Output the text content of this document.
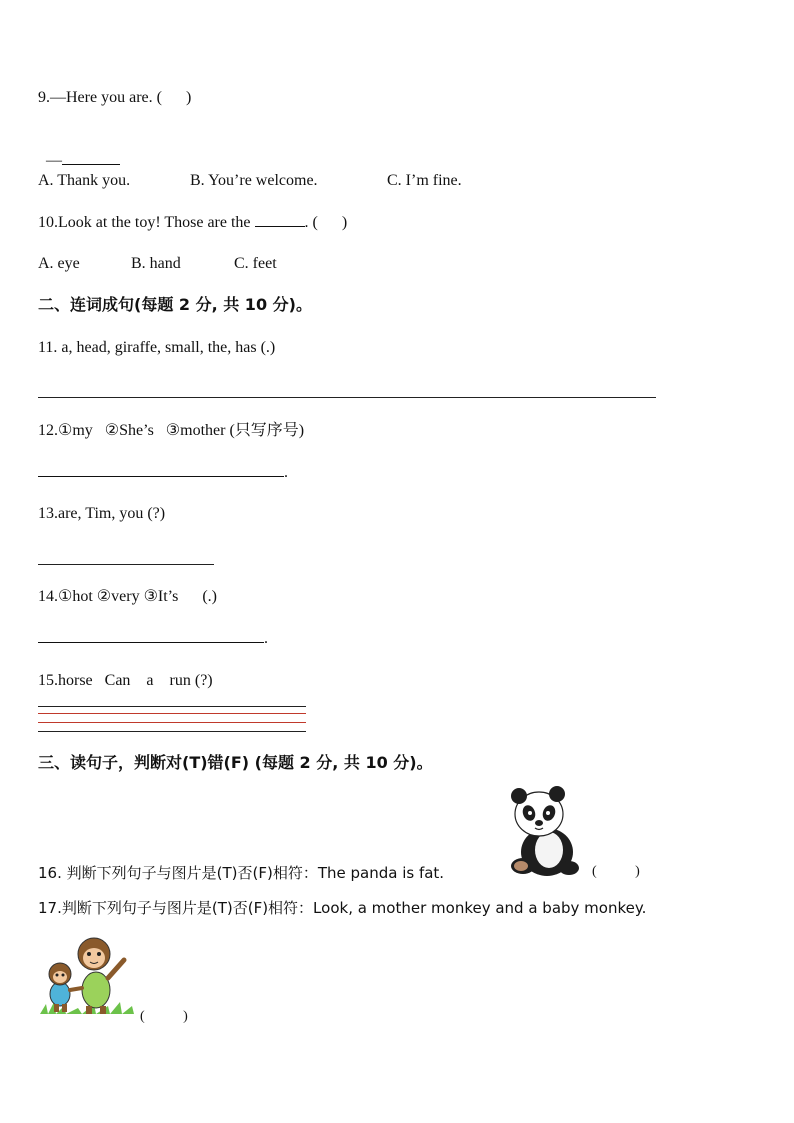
9.—Here you are. (      )

—

A. Thank you.	B. You’re welcome.	C. I’m fine.
10.Look at the toy! Those are the	. (      )
A. eye	B. hand	C. feet
二、连词成句(每题 2 分, 共 10 分)。
11. a, head, giraffe, small, the, has (.)
12.①my   ②She’s   ③mother (只写序号)
.
13.are, Tim, you (?)
14.①hot ②very ③It’s      (.)
.
15.horse   Can    a    run (?)
三、读句子，判断对(T)错(F) (每题 2 分, 共 10 分)。
16. 判断下列句子与图片是(T)否(F)相符：The panda is fat.	(           )
17.判断下列句子与图片是(T)否(F)相符：Look, a mother monkey and a baby monkey.
(           )
